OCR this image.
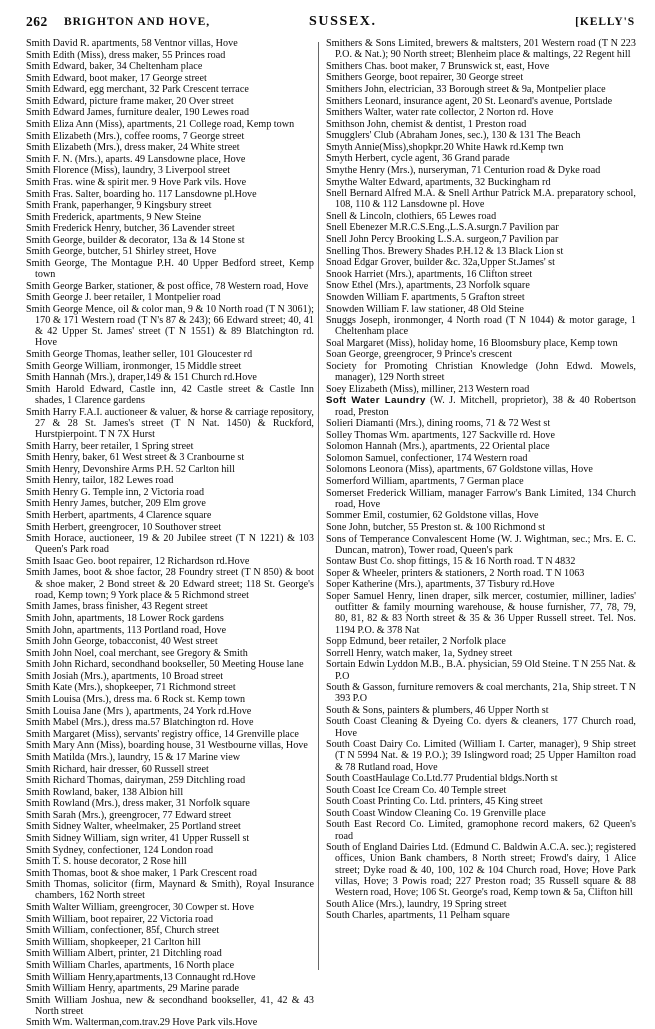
262 BRIGHTON AND HOVE,	SUSSEX.	[KELLY'S
Smith David R. apartments, 58 Ventnor villas, Hove
Smith Edith (Miss), dress maker, 55 Princes road
Smith Edward, baker, 34 Cheltenham place
Smith Edward, boot maker, 17 George street
Smith Edward, egg merchant, 32 Park Crescent terrace
Smith Edward, picture frame maker, 20 Over street
Smith Edward James, furniture dealer, 190 Lewes road
Smith Eliza Ann (Miss), apartments, 21 College road, Kemp town
Smith Elizabeth (Mrs.), coffee rooms, 7 George street
Smith Elizabeth (Mrs.), dress maker, 24 White street
Smith F. N. (Mrs.), aparts. 49 Lansdowne place, Hove
Smith Florence (Miss), laundry, 3 Liverpool street
Smith Fras. wine & spirit mer. 9 Hove Park vils. Hove
Smith Fras. Salter, boarding ho. 117 Lansdowne pl.Hove
Smith Frank, paperhanger, 9 Kingsbury street
Smith Frederick, apartments, 9 New Steine
Smith Frederick Henry, butcher, 36 Lavender street
Smith George, builder & decorator, 13a & 14 Stone st
Smith George, butcher, 51 Shirley street, Hove
Smith George, The Montague P.H. 40 Upper Bedford street, Kemp town
Smith George Barker, stationer, & post office, 78 Western road, Hove
Smith George J. beer retailer, 1 Montpelier road
Smith George Mence, oil & color man, 9 & 10 North road (T N 3061); 170 & 171 Western road (T N's 87 & 243); 66 Edward street; 40, 41 & 42 Upper St. James' street (T N 1551) & 89 Blatchington rd. Hove
Smith George Thomas, leather seller, 101 Gloucester rd
Smith George William, ironmonger, 15 Middle street
Smith Hannah (Mrs.), draper,149 & 151 Church rd.Hove
Smith Harold Edward, Castle inn, 42 Castle street & Castle Inn shades, 1 Clarence gardens
Smith Harry F.A.I. auctioneer & valuer, & horse & carriage repository, 27 & 28 St. James's street (T N Nat. 1450) & Ruckford, Hurstpierpoint. T N 7X Hurst
Smith Harry, beer retailer, 1 Spring street
Smith Henry, baker, 61 West street & 3 Cranbourne st
Smith Henry, Devonshire Arms P.H. 52 Carlton hill
Smith Henry, tailor, 182 Lewes road
Smith Henry G. Temple inn, 2 Victoria road
Smith Henry James, butcher, 209 Elm grove
Smith Herbert, apartments, 4 Clarence square
Smith Herbert, greengrocer, 10 Southover street
Smith Horace, auctioneer, 19 & 20 Jubilee street (T N 1221) & 103 Queen's Park road
Smith Isaac Geo. boot repairer, 12 Richardson rd.Hove
Smith James, boot & shoe factor, 28 Foundry street (T N 850) & boot & shoe maker, 2 Bond street & 20 Edward street; 118 St. George's road, Kemp town; 9 York place & 5 Richmond street
Smith James, brass finisher, 43 Regent street
Smith John, apartments, 18 Lower Rock gardens
Smith John, apartments, 113 Portland road, Hove
Smith John George, tobacconist, 40 West street
Smith John Noel, coal merchant, see Gregory & Smith
Smith John Richard, secondhand bookseller, 50 Meeting House lane
Smith Josiah (Mrs.), apartments, 10 Broad street
Smith Kate (Mrs.), shopkeeper, 71 Richmond street
Smith Louisa (Mrs.), dress ma. 6 Rock st. Kemp town
Smith Louisa Jane (Mrs ), apartments, 24 York rd.Hove
Smith Mabel (Mrs.), dress ma.57 Blatchington rd. Hove
Smith Margaret (Miss), servants' registry office, 14 Grenville place
Smith Mary Ann (Miss), boarding house, 31 Westbourne villas, Hove
Smith Matilda (Mrs.), laundry, 15 & 17 Marine view
Smith Richard, hair dresser, 60 Russell street
Smith Richard Thomas, dairyman, 259 Ditchling road
Smith Rowland, baker, 138 Albion hill
Smith Rowland (Mrs.), dress maker, 31 Norfolk square
Smith Sarah (Mrs.), greengrocer, 77 Edward street
Smith Sidney Walter, wheelmaker, 25 Portland street
Smith Sidney William, sign writer, 41 Upper Russell st
Smith Sydney, confectioner, 124 London road
Smith T. S. house decorator, 2 Rose hill
Smith Thomas, boot & shoe maker, 1 Park Crescent road
Smith Thomas, solicitor (firm, Maynard & Smith), Royal Insurance chambers, 162 North street
Smith Walter William, greengrocer, 30 Cowper st. Hove
Smith William, boot repairer, 22 Victoria road
Smith William, confectioner, 85f, Church street
Smith William, shopkeeper, 21 Carlton hill
Smith William Albert, printer, 21 Ditchling road
Smith William Charles, apartments, 16 North place
Smith William Henry,apartments,13 Connaught rd.Hove
Smith William Henry, apartments, 29 Marine parade
Smith William Joshua, new & secondhand bookseller, 41, 42 & 43 North street
Smith Wm. Walterman,com.trav.29 Hove Park vils.Hove
Smithers & Sons Limited, brewers & maltsters, 201 Western road (T N 223 P.O. & Nat.); 90 North street; Blenheim place & maltings, 22 Regent hill
Smithers Chas. boot maker, 7 Brunswick st, east, Hove
Smithers George, boot repairer, 30 George street
Smithers John, electrician, 33 Borough street & 9a, Montpelier place
Smithers Leonard, insurance agent, 20 St. Leonard's avenue, Portslade
Smithers Walter, water rate collector, 2 Norton rd. Hove
Smithson John, chemist & dentist, 1 Preston road
Smugglers' Club (Abraham Jones, sec.), 130 & 131 The Beach
Smyth Annie(Miss),shopkpr.20 White Hawk rd.Kemp twn
Smyth Herbert, cycle agent, 36 Grand parade
Smythe Henry (Mrs.), nurseryman, 71 Centurion road & Dyke road
Smythe Walter Edward, apartments, 32 Buckingham rd
Snell Bernard Alfred M.A. & Snell Arthur Patrick M.A. preparatory school, 108, 110 & 112 Lansdowne pl. Hove
Snell & Lincoln, clothiers, 65 Lewes road
Snell Ebenezer M.R.C.S.Eng.,L.S.A.surgn.7 Pavilion par
Snell John Percy Brooking L.S.A. surgeon,7 Pavilion par
Snelling Thos. Brewery Shades P.H.12 & 13 Black Lion st
Snoad Edgar Grover, builder &c. 32a,Upper St.James' st
Snook Harriet (Mrs.), apartments, 16 Clifton street
Snow Ethel (Mrs.), apartments, 23 Norfolk square
Snowden William F. apartments, 5 Grafton street
Snowden William F. law stationer, 48 Old Steine
Snuggs Joseph, ironmonger, 4 North road (T N 1044) & motor garage, 1 Cheltenham place
Soal Margaret (Miss), holiday home, 16 Bloomsbury place, Kemp town
Soan George, greengrocer, 9 Prince's crescent
Society for Promoting Christian Knowledge (John Edwd. Mowels, manager), 129 North street
Soey Elizabeth (Miss), milliner, 213 Western road
Soft Water Laundry (W. J. Mitchell, proprietor), 38 & 40 Robertson road, Preston
Solieri Diamanti (Mrs.), dining rooms, 71 & 72 West st
Solley Thomas Wm. apartments, 127 Sackville rd. Hove
Solomon Hannah (Mrs.), apartments, 22 Oriental place
Solomon Samuel, confectioner, 174 Western road
Solomons Leonora (Miss), apartments, 67 Goldstone villas, Hove
Somerford William, apartments, 7 German place
Somerset Frederick William, manager Farrow's Bank Limited, 134 Church road, Hove
Sommer Emil, costumier, 62 Goldstone villas, Hove
Sone John, butcher, 55 Preston st. & 100 Richmond st
Sons of Temperance Convalescent Home (W. J. Wightman, sec.; Mrs. E. C. Duncan, matron), Tower road, Queen's park
Sontaw Bust Co. shop fittings, 15 & 16 North road. T N 4832
Soper & Wheeler, printers & stationers, 2 North road. T N 1063
Soper Katherine (Mrs.), apartments, 37 Tisbury rd.Hove
Soper Samuel Henry, linen draper, silk mercer, costumier, milliner, ladies' outfitter & family mourning warehouse, & house furnisher, 77, 78, 79, 80, 81, 82 & 83 North street & 35 & 36 Upper Russell street. Tel. Nos. 1194 P.O. & 378 Nat
Sopp Edmund, beer retailer, 2 Norfolk place
Sorrell Henry, watch maker, 1a, Sydney street
Sortain Edwin Lyddon M.B., B.A. physician, 59 Old Steine. T N 255 Nat. & P.O
South & Gasson, furniture removers & coal merchants, 21a, Ship street. T N 393 P.O
South & Sons, painters & plumbers, 46 Upper North st
South Coast Cleaning & Dyeing Co. dyers & cleaners, 177 Church road, Hove
South Coast Dairy Co. Limited (William I. Carter, manager), 9 Ship street (T N 5994 Nat. & 19 P.O.); 39 Islingword road; 25 Upper Hamilton road & 78 Rutland road, Hove
South CoastHaulage Co.Ltd.77 Prudential bldgs.North st
South Coast Ice Cream Co. 40 Temple street
South Coast Printing Co. Ltd. printers, 45 King street
South Coast Window Cleaning Co. 19 Grenville place
South East Record Co. Limited, gramophone record makers, 62 Queen's road
South of England Dairies Ltd. (Edmund C. Baldwin A.C.A. sec.); registered offices, Union Bank chambers, 8 North street; Frowd's dairy, 1 Alice street; Dyke road & 40, 100, 102 & 104 Church road, Hove; Hove Park villas, Hove; 3 Powis road; 227 Preston road; 35 Russell square & 88 Western road, Hove; 106 St. George's road, Kemp town & 5a, Clifton hill
South Alice (Mrs.), laundry, 19 Spring street
South Charles, apartments, 11 Pelham square
